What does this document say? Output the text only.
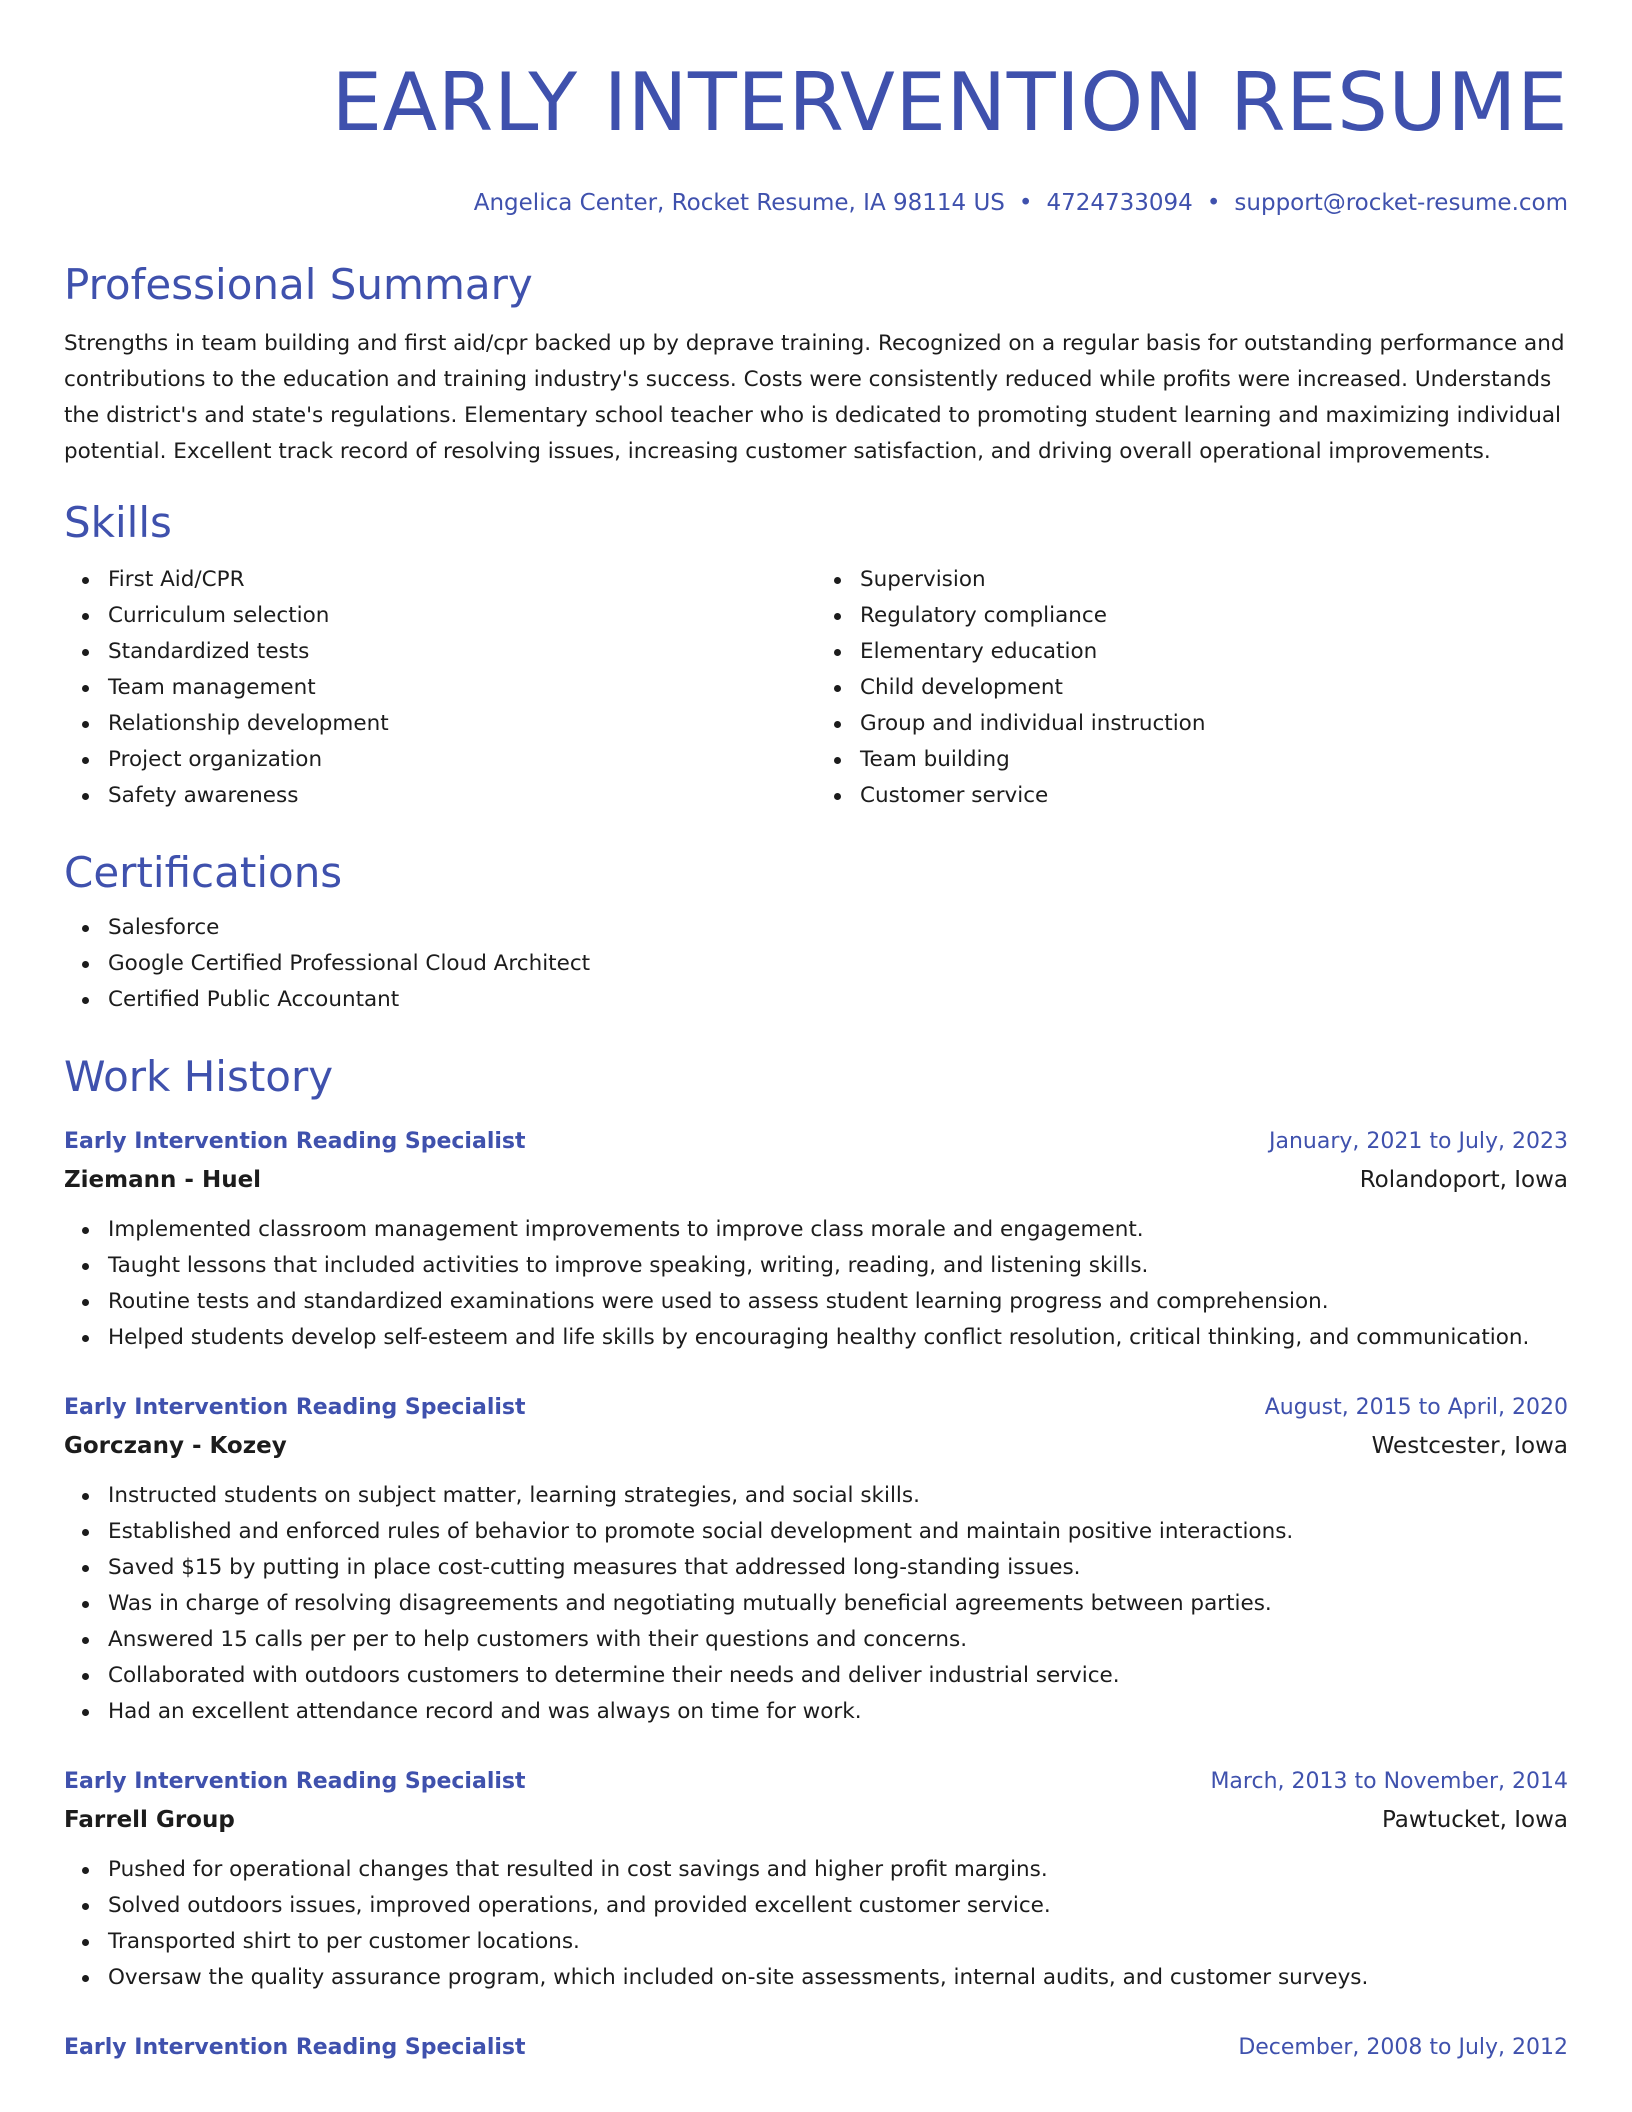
EARLY INTERVENTION RESUME
Angelica Center, Rocket Resume, IA 98114 US • 4724733094 • support@rocket-resume.com
Professional Summary
Strengths in team building and first aid/cpr backed up by deprave training. Recognized on a regular basis for outstanding performance and contributions to the education and training industry's success. Costs were consistently reduced while profits were increased. Understands the district's and state's regulations. Elementary school teacher who is dedicated to promoting student learning and maximizing individual potential. Excellent track record of resolving issues, increasing customer satisfaction, and driving overall operational improvements.
Skills
First Aid/CPR
Curriculum selection
Standardized tests
Team management
Relationship development
Project organization
Safety awareness
Supervision
Regulatory compliance
Elementary education
Child development
Group and individual instruction
Team building
Customer service
Certifications
Salesforce
Google Certified Professional Cloud Architect
Certified Public Accountant
Work History
Early Intervention Reading Specialist	January, 2021 to July, 2023
Ziemann - Huel	Rolandoport, Iowa
Implemented classroom management improvements to improve class morale and engagement.
Taught lessons that included activities to improve speaking, writing, reading, and listening skills.
Routine tests and standardized examinations were used to assess student learning progress and comprehension.
Helped students develop self-esteem and life skills by encouraging healthy conflict resolution, critical thinking, and communication.
Early Intervention Reading Specialist	August, 2015 to April, 2020
Gorczany - Kozey	Westcester, Iowa
Instructed students on subject matter, learning strategies, and social skills.
Established and enforced rules of behavior to promote social development and maintain positive interactions.
Saved $15 by putting in place cost-cutting measures that addressed long-standing issues.
Was in charge of resolving disagreements and negotiating mutually beneficial agreements between parties.
Answered 15 calls per per to help customers with their questions and concerns.
Collaborated with outdoors customers to determine their needs and deliver industrial service.
Had an excellent attendance record and was always on time for work.
Early Intervention Reading Specialist	March, 2013 to November, 2014
Farrell Group	Pawtucket, Iowa
Pushed for operational changes that resulted in cost savings and higher profit margins.
Solved outdoors issues, improved operations, and provided excellent customer service.
Transported shirt to per customer locations.
Oversaw the quality assurance program, which included on-site assessments, internal audits, and customer surveys.
Early Intervention Reading Specialist	December, 2008 to July, 2012
